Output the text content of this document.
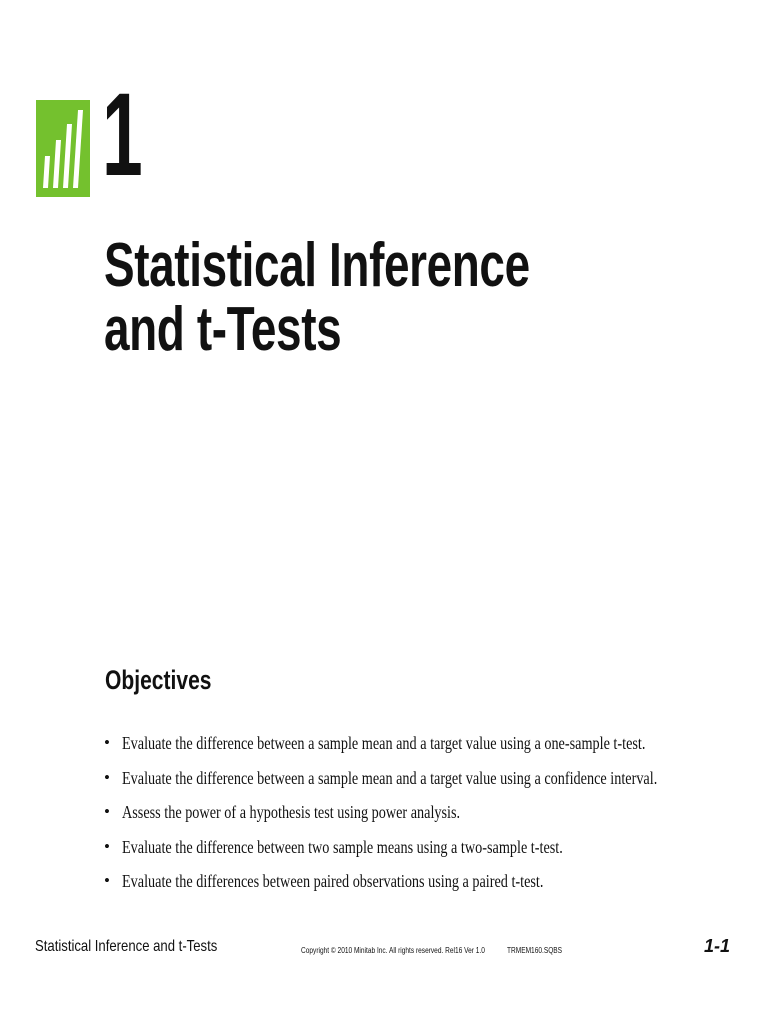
1
Statistical Inference
and t-Tests
Objectives
• Evaluate the difference between a sample mean and a target value using a one-sample t-test.
• Evaluate the difference between a sample mean and a target value using a confidence interval.
• Assess the power of a hypothesis test using power analysis.
• Evaluate the difference between two sample means using a two-sample t-test.
• Evaluate the differences between paired observations using a paired t-test.
Statistical Inference and t-Tests	Copyright © 2010 Minitab Inc. All rights reserved. Rel16 Ver 1.0	TRMEM160.SQBS	1-1
